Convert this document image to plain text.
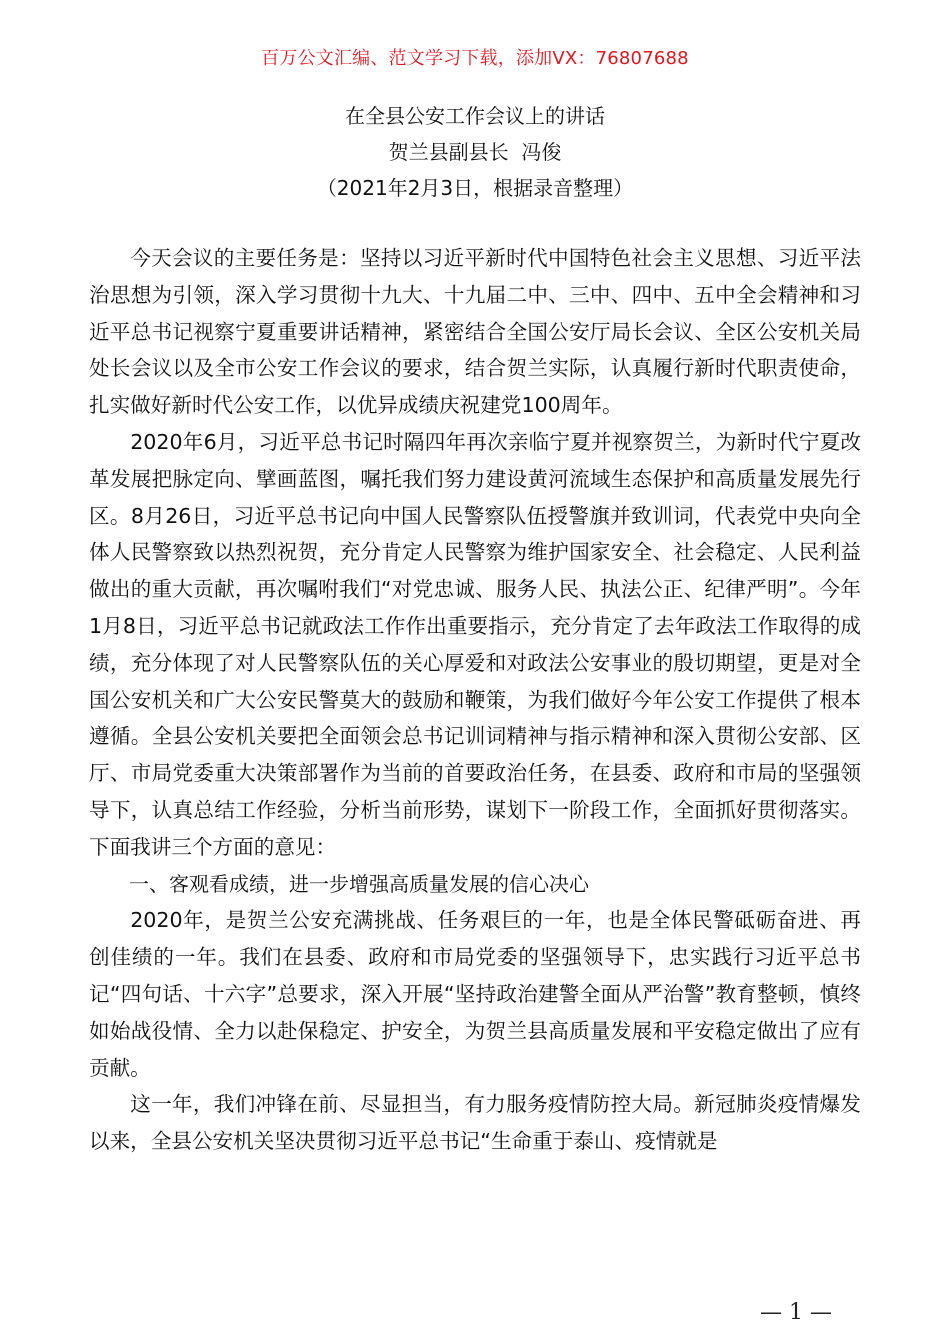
百万公文汇编、范文学习下载，添加VX：76807688
在全县公安工作会议上的讲话
贺兰县副县长  冯俊
（2021年2月3日，根据录音整理）

今天会议的主要任务是：坚持以习近平新时代中国特色社会主义思想、习近平法治思想为引领，深入学习贯彻十九大、十九届二中、三中、四中、五中全会精神和习近平总书记视察宁夏重要讲话精神，紧密结合全国公安厅局长会议、全区公安机关局处长会议以及全市公安工作会议的要求，结合贺兰实际，认真履行新时代职责使命，扎实做好新时代公安工作，以优异成绩庆祝建党100周年。

2020年6月，习近平总书记时隔四年再次亲临宁夏并视察贺兰，为新时代宁夏改革发展把脉定向、擘画蓝图，嘱托我们努力建设黄河流域生态保护和高质量发展先行区。8月26日，习近平总书记向中国人民警察队伍授警旗并致训词，代表党中央向全体人民警察致以热烈祝贺，充分肯定人民警察为维护国家安全、社会稳定、人民利益做出的重大贡献，再次嘱咐我们“对党忠诚、服务人民、执法公正、纪律严明”。今年1月8日，习近平总书记就政法工作作出重要指示，充分肯定了去年政法工作取得的成绩，充分体现了对人民警察队伍的关心厚爱和对政法公安事业的殷切期望，更是对全国公安机关和广大公安民警莫大的鼓励和鞭策，为我们做好今年公安工作提供了根本遵循。全县公安机关要把全面领会总书记训词精神与指示精神和深入贯彻公安部、区厅、市局党委重大决策部署作为当前的首要政治任务，在县委、政府和市局的坚强领导下，认真总结工作经验，分析当前形势，谋划下一阶段工作，全面抓好贯彻落实。下面我讲三个方面的意见：

一、客观看成绩，进一步增强高质量发展的信心决心

2020年，是贺兰公安充满挑战、任务艰巨的一年，也是全体民警砥砺奋进、再创佳绩的一年。我们在县委、政府和市局党委的坚强领导下，忠实践行习近平总书记“四句话、十六字”总要求，深入开展“坚持政治建警全面从严治警”教育整顿，慎终如始战役情、全力以赴保稳定、护安全，为贺兰县高质量发展和平安稳定做出了应有贡献。

这一年，我们冲锋在前、尽显担当，有力服务疫情防控大局。新冠肺炎疫情爆发以来，全县公安机关坚决贯彻习近平总书记“生命重于泰山、疫情就是

— 1 —
